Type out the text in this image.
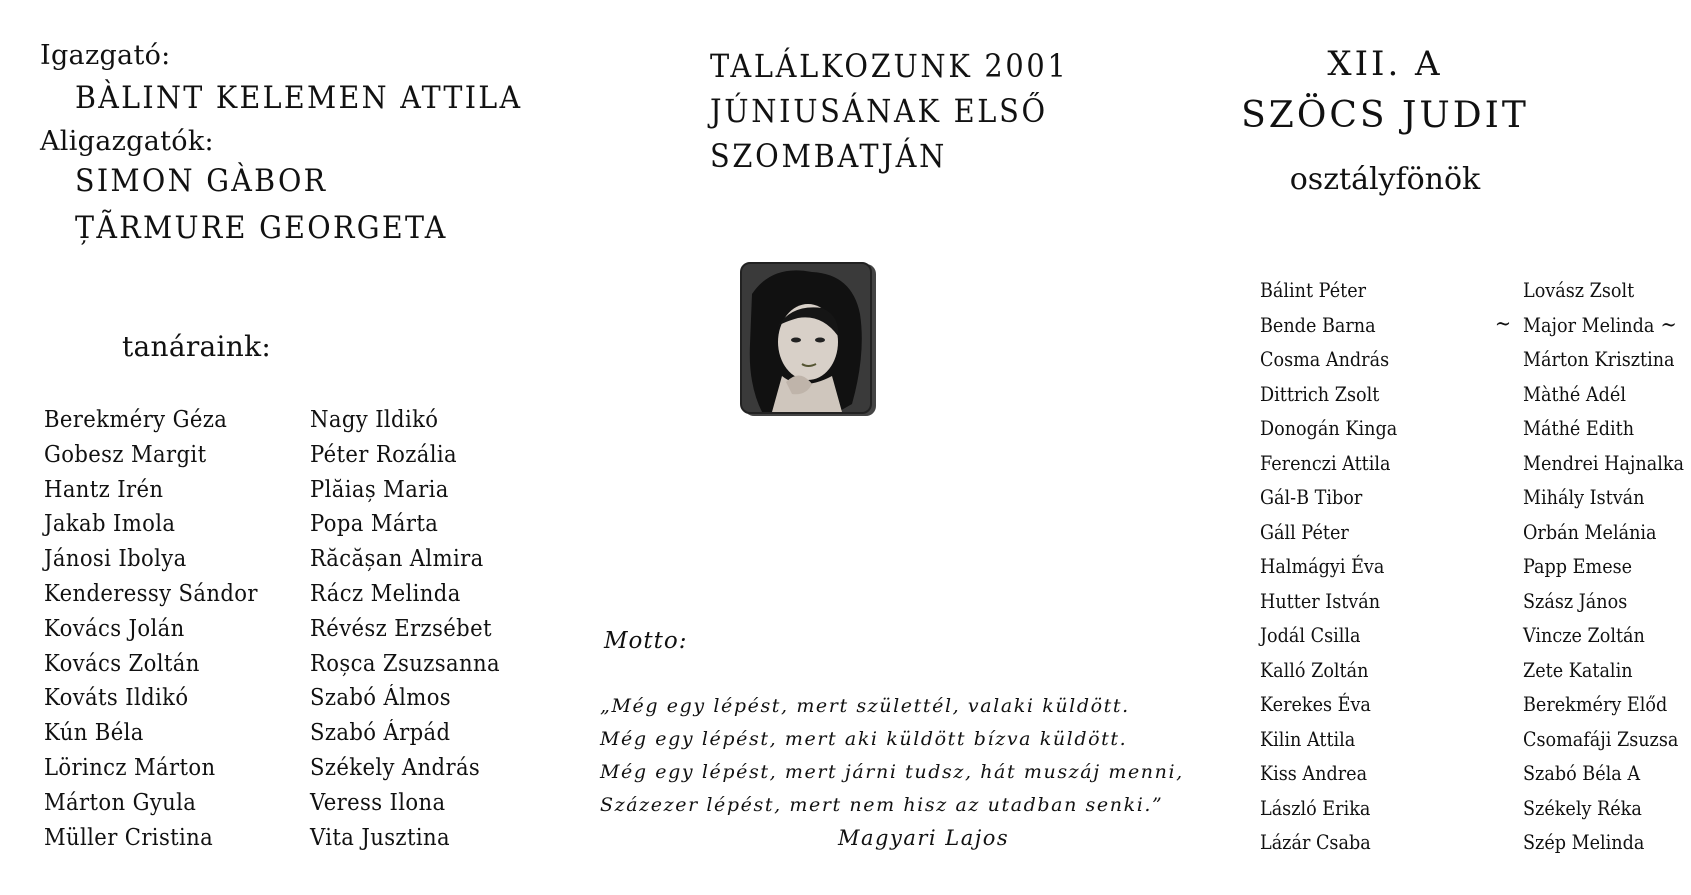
Igazgató:
BÀLINT KELEMEN ATTILA
Aligazgatók:
SIMON GÀBOR
ȚÃRMURE GEORGETA
tanáraink:
Berekméry Géza
Gobesz Margit
Hantz Irén
Jakab Imola
Jánosi Ibolya
Kenderessy Sándor
Kovács Jolán
Kovács Zoltán
Kováts Ildikó
Kún Béla
Lörincz Márton
Márton Gyula
Müller Cristina
Nagy Ildikó
Péter Rozália
Plăiaș Maria
Popa Márta
Răcășan Almira
Rácz Melinda
Révész Erzsébet
Roșca Zsuzsanna
Szabó Álmos
Szabó Árpád
Székely András
Veress Ilona
Vita Jusztina
TALÁLKOZUNK 2001
JÚNIUSÁNAK ELSŐ
SZOMBATJÁN
Motto:
„Még egy lépést, mert születtél, valaki küldött.
Még egy lépést, mert aki küldött bízva küldött.
Még egy lépést, mert járni tudsz, hát muszáj menni,
Százezer lépést, mert nem hisz az utadban senki.”
Magyari Lajos
XII. A
SZÖCS JUDIT
osztályfönök
Bálint Péter
Bende Barna
Cosma András
Dittrich Zsolt
Donogán Kinga
Ferenczi Attila
Gál-B Tibor
Gáll Péter
Halmágyi Éva
Hutter István
Jodál Csilla
Kalló Zoltán
Kerekes Éva
Kilin Attila
Kiss Andrea
László Erika
Lázár Csaba
Lovász Zsolt
~ Major Melinda ~
Márton Krisztina
Màthé Adél
Máthé Edith
Mendrei Hajnalka
Mihály István
Orbán Melánia
Papp Emese
Szász János
Vincze Zoltán
Zete Katalin
Berekméry Előd
Csomafáji Zsuzsa
Szabó Béla A
Székely Réka
Szép Melinda
